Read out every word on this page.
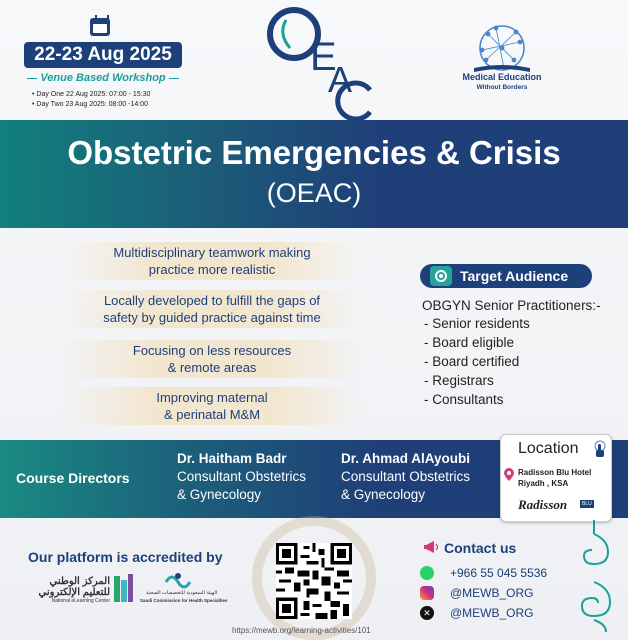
22-23 Aug 2025
Venue Based Workshop
• Day One 22 Aug 2025: 07:00 - 15:30
• Day Two 23 Aug 2025: 08:00 -14:00
E
A	Medical Education
Without Borders
Obstetric Emergencies & Crisis
(OEAC)
Multidisciplinary teamwork making
practice more realistic
Locally developed to fulfill the gaps of
safety by guided practice against time
Focusing on less resources
& remote areas
Improving maternal
& perinatal M&M
Target Audience
OBGYN Senior Practitioners:-
- Senior residents
- Board eligible
- Board certified
- Registrars
- Consultants
Course Directors
Dr. Haitham Badr
Consultant Obstetrics
& Gynecology
Dr. Ahmad AlAyoubi
Consultant Obstetrics
& Gynecology
Location
Radisson Blu Hotel
Riyadh , KSA
Radisson	BLU
Our platform is accredited by
المركز الوطني
للتعليم الإلكتروني
National eLearning Center
الهيئة السعودية للتخصصات الصحية
Saudi Commission for Health Specialties
https://mewb.org/learning-activities/101
Contact us
+966 55 045 5536
@MEWB_ORG
✕ @MEWB_ORG
